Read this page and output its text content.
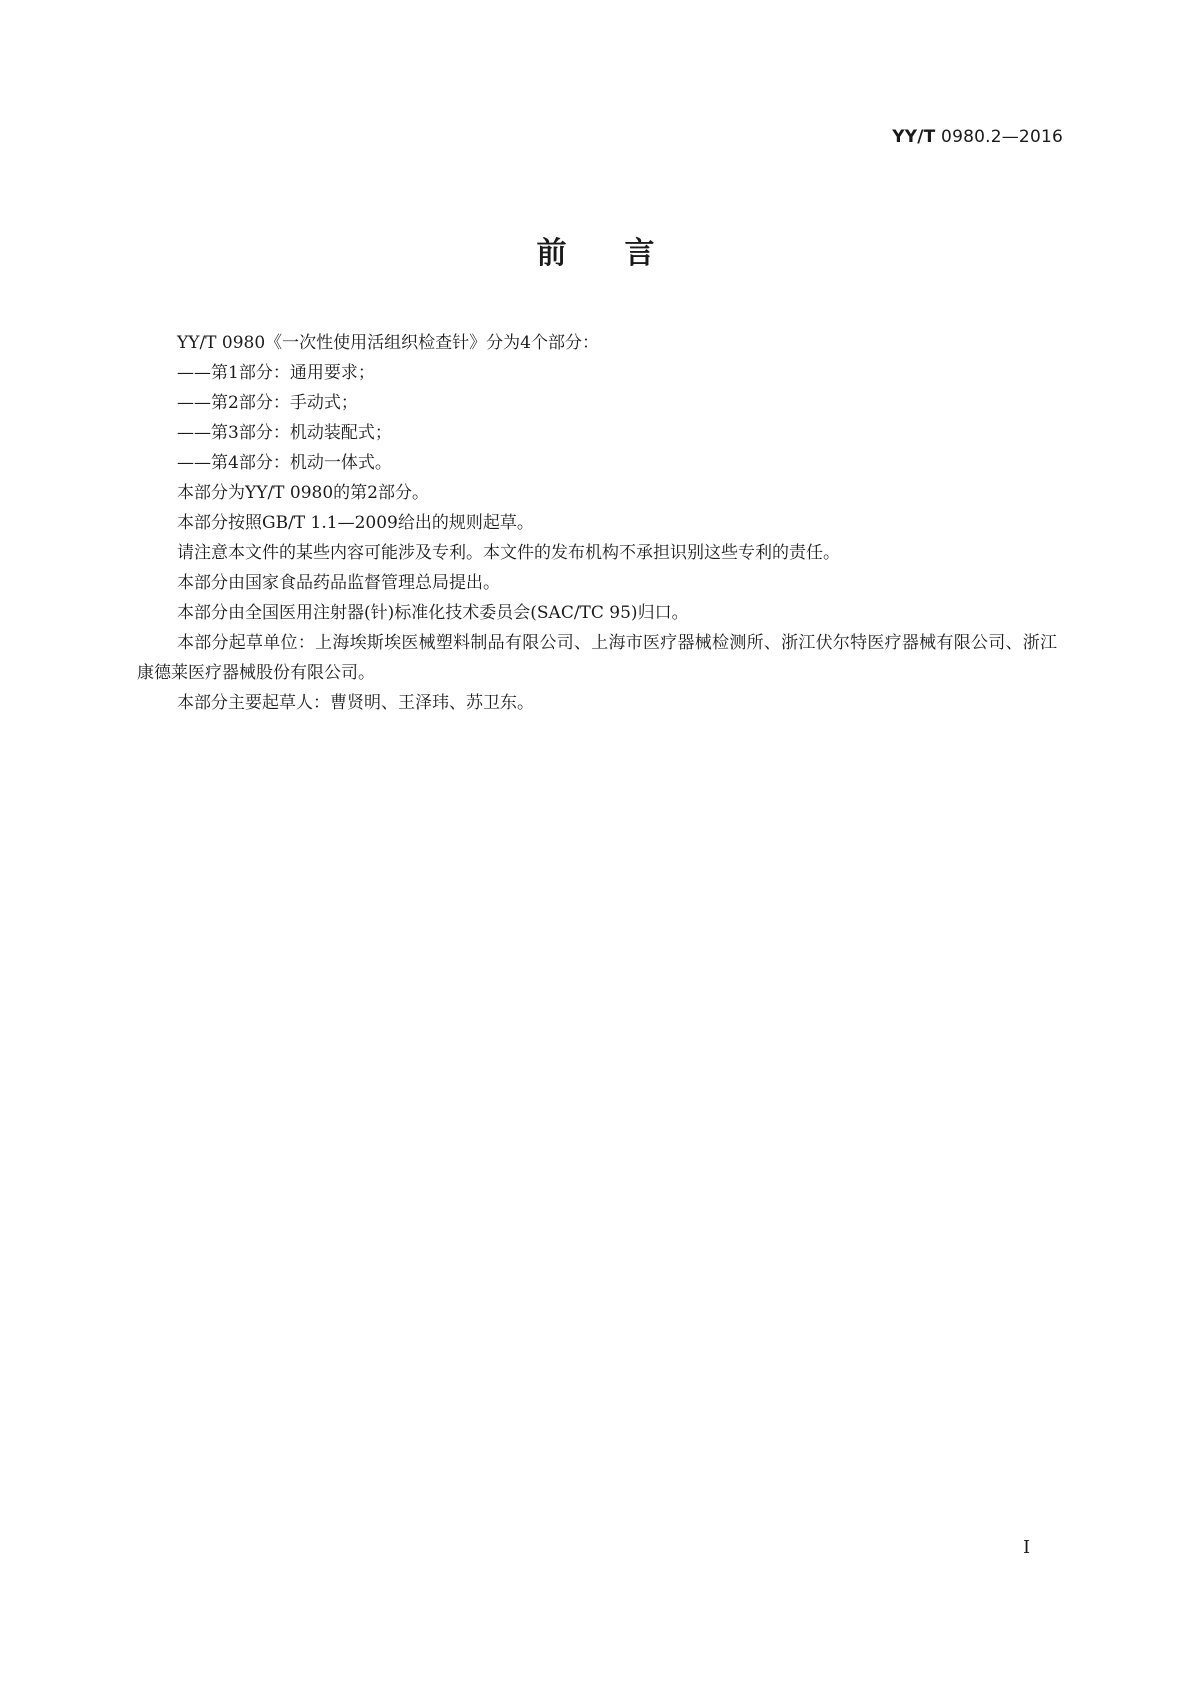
YY/T 0980.2—2016
前言

YY/T 0980《一次性使用活组织检查针》分为4个部分：

——第1部分：通用要求；

——第2部分：手动式；

——第3部分：机动装配式；

——第4部分：机动一体式。

本部分为YY/T 0980的第2部分。

本部分按照GB/T 1.1—2009给出的规则起草。

请注意本文件的某些内容可能涉及专利。本文件的发布机构不承担识别这些专利的责任。

本部分由国家食品药品监督管理总局提出。

本部分由全国医用注射器(针)标准化技术委员会(SAC/TC 95)归口。

本部分起草单位：上海埃斯埃医械塑料制品有限公司、上海市医疗器械检测所、浙江伏尔特医疗器械有限公司、浙江康德莱医疗器械股份有限公司。

本部分主要起草人：曹贤明、王泽玮、苏卫东。

I
